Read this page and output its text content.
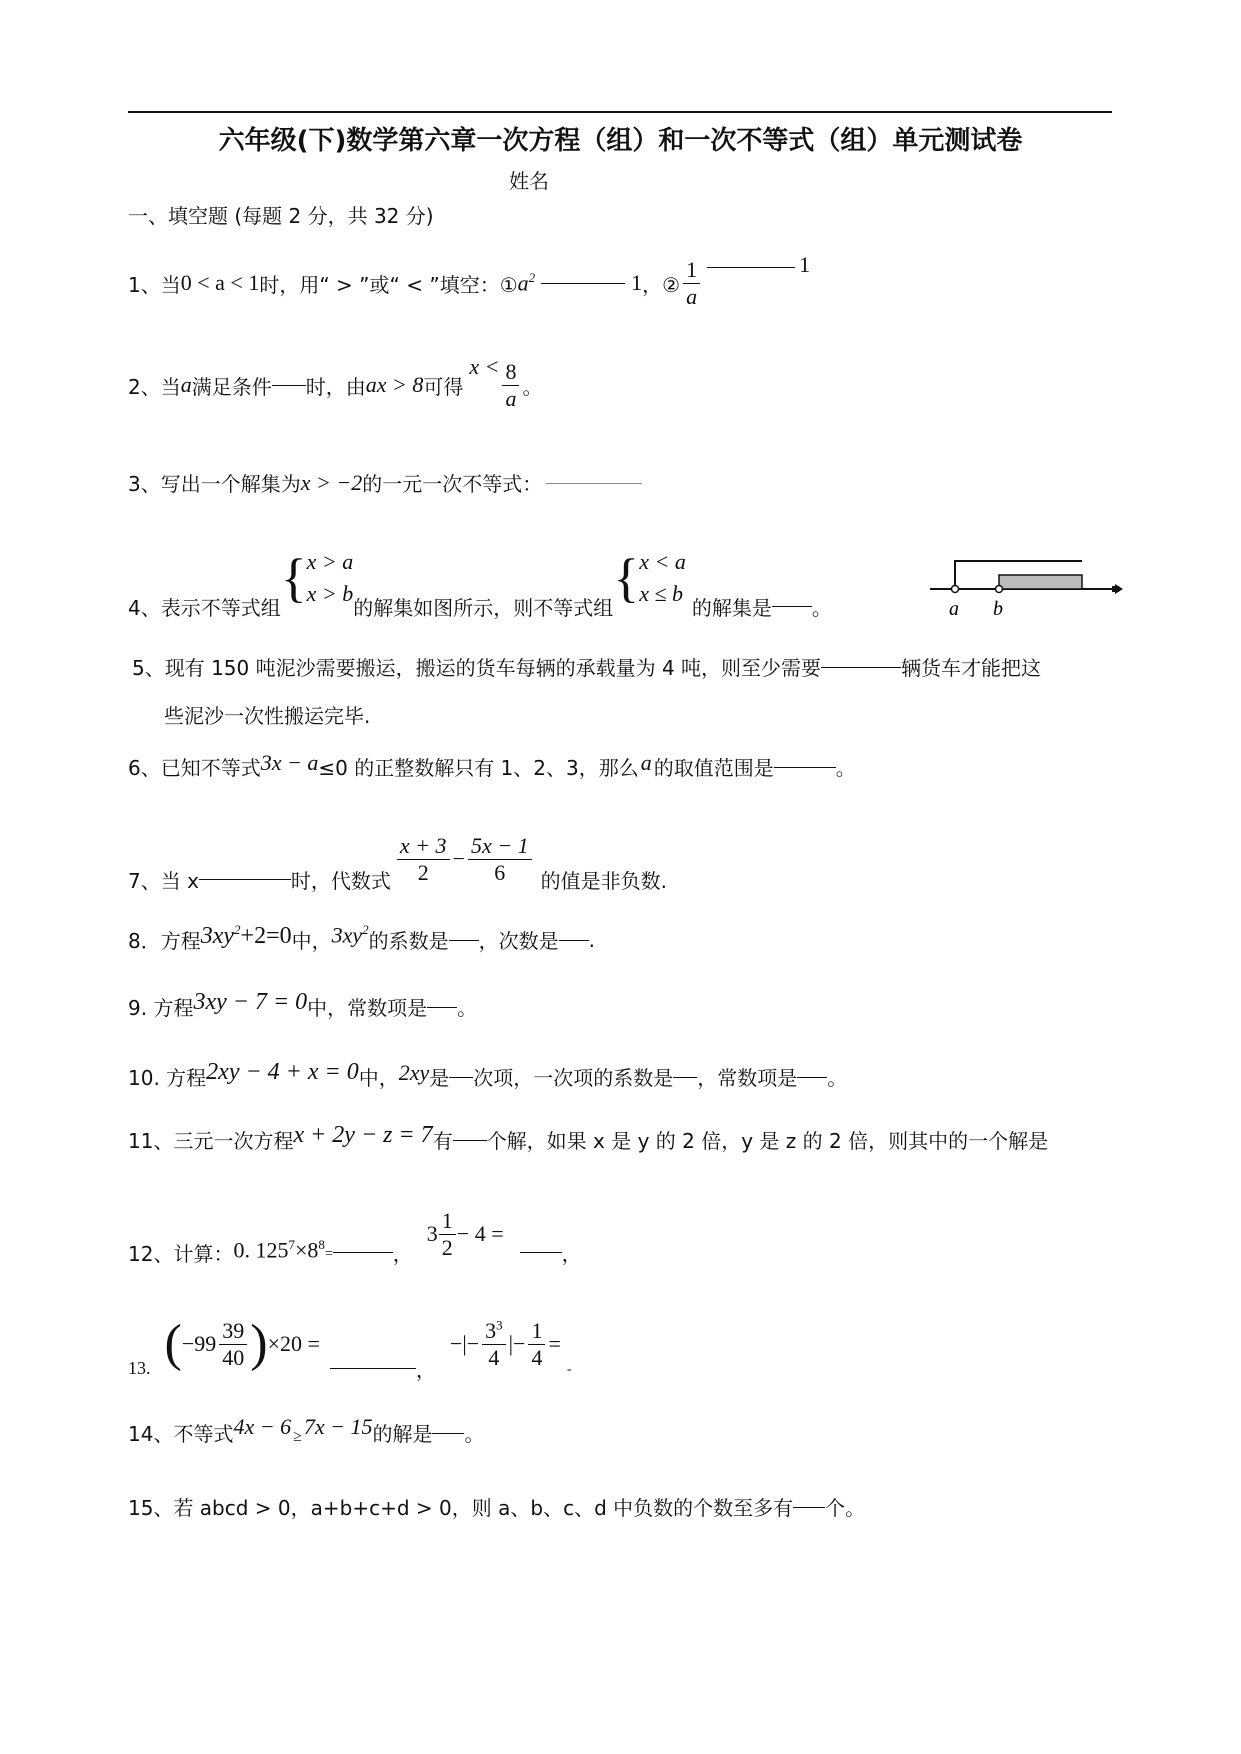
六年级(下)数学第六章一次方程（组）和一次不等式（组）单元测试卷
姓名
一、填空题 (每题 2 分，共 32 分)
1、当 0 < a < 1 时，用“ > ”或“ < ”填空：① $a^2$	1 ，② $\frac{1}{a}$	1
2、当 a 满足条件 时，由 ax > 8 可得
$x < \frac{8}{a}$ 。
3、写出一个解集为 x > −2 的一元一次不等式：
4、表示不等式组 { x > a
x > b
的解集如图所示，则不等式组 { x < a
x ≤ b
的解集是 。	a b
5、现有 150 吨泥沙需要搬运，搬运的货车每辆的承载量为 4 吨，则至少需要	辆货车才能把这
些泥沙一次性搬运完毕.
6、已知不等式 3x − a ≤0 的正整数解只有 1、2、3，那么 a 的取值范围是	。
7、当 x	时，代数式 $\frac{x + 3}{2} - \frac{5x - 1}{6}$ 的值是非负数.
8．方程 $3xy^2+2=0$ 中， $3xy^2$ 的系数是 ，次数是 .
9. 方程 3xy − 7 = 0 中，常数项是 。
10. 方程 2xy − 4 + x = 0 中， 2xy 是 次项，一次项的系数是 ，常数项是 。
11、三元一次方程 x + 2y − z = 7 有 个解，如果 x 是 y 的 2 倍，y 是 z 的 2 倍，则其中的一个解是
12、计算： 0. $125^7\times 8^8=$	，
$3 \frac{1}{2} - 4$ =
，
13. ( $-99 \frac{39}{40}$ ) ×20 =
，
−|− $\frac{3^3}{4}$ |− $\frac{1}{4}$ =
-
14、不等式 4x − 6 ≥ 7x − 15 的解是 。
15、若 abcd > 0，a+b+c+d > 0，则 a、b、c、d 中负数的个数至多有 个。
